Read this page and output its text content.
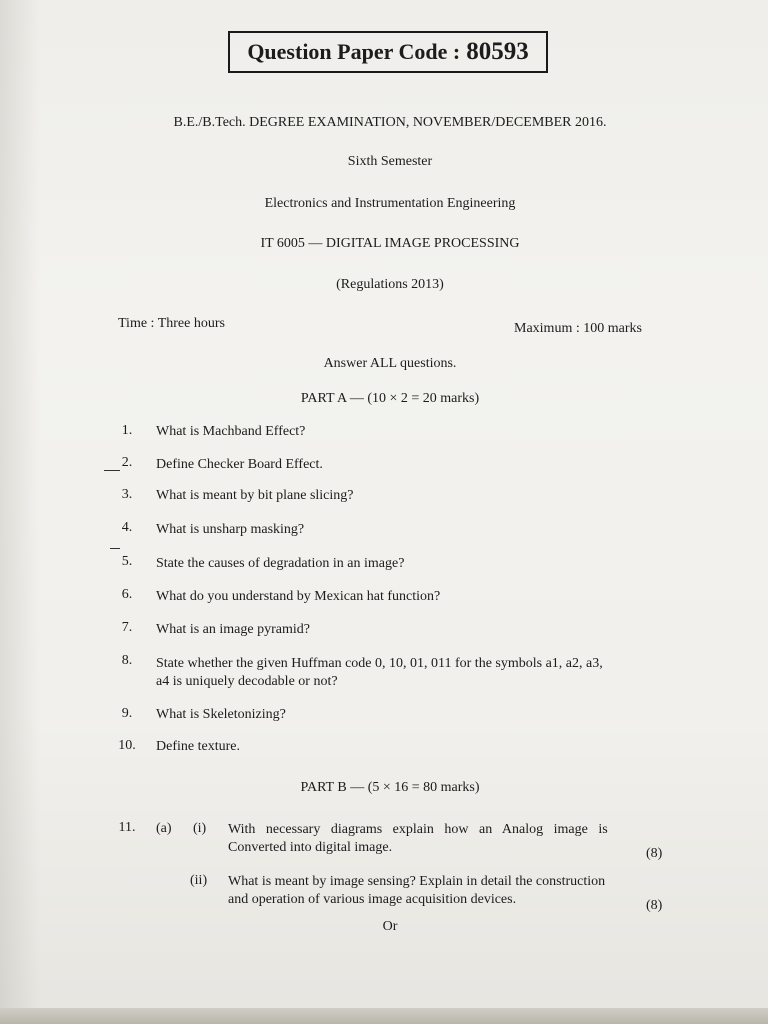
Question Paper Code : 80593
B.E./B.Tech. DEGREE EXAMINATION, NOVEMBER/DECEMBER 2016.
Sixth Semester
Electronics and Instrumentation Engineering
IT 6005 — DIGITAL IMAGE PROCESSING
(Regulations 2013)
Time : Three hours	Maximum : 100 marks
Answer ALL questions.
PART A — (10 × 2 = 20 marks)
1.	What is Machband Effect?
2.	Define Checker Board Effect.
3.	What is meant by bit plane slicing?
4.	What is unsharp masking?
5.	State the causes of degradation in an image?
6.	What do you understand by Mexican hat function?
7.	What is an image pyramid?
8.	State whether the given Huffman code 0, 10, 01, 011 for the symbols a1, a2, a3,
a4 is uniquely decodable or not?
9.	What is Skeletonizing?
10.	Define texture.
PART B — (5 × 16 = 80 marks)
11.	(a) (i) With necessary diagrams explain how an Analog image is
Converted into digital image.	(8)
(ii) What is meant by image sensing? Explain in detail the construction
and operation of various image acquisition devices.	(8)
Or
